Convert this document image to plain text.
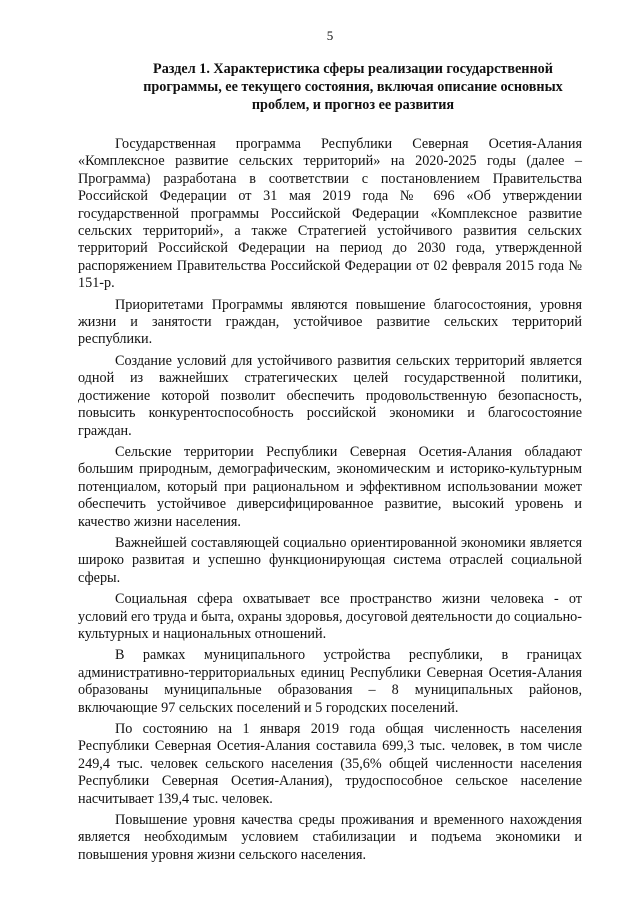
5
Раздел 1. Характеристика сферы реализации государственной программы, ее текущего состояния, включая описание основных проблем, и прогноз ее развития

Государственная программа Республики Северная Осетия-Алания «Комплексное развитие сельских территорий» на 2020-2025 годы (далее – Программа) разработана в соответствии с постановлением Правительства Российской Федерации от 31 мая 2019 года № 696 «Об утверждении государственной программы Российской Федерации «Комплексное развитие сельских территорий», а также Стратегией устойчивого развития сельских территорий Российской Федерации на период до 2030 года, утвержденной распоряжением Правительства Российской Федерации от 02 февраля 2015 года № 151-р.

Приоритетами Программы являются повышение благосостояния, уровня жизни и занятости граждан, устойчивое развитие сельских территорий республики.

Создание условий для устойчивого развития сельских территорий является одной из важнейших стратегических целей государственной политики, достижение которой позволит обеспечить продовольственную безопасность, повысить конкурентоспособность российской экономики и благосостояние граждан.

Сельские территории Республики Северная Осетия-Алания обладают большим природным, демографическим, экономическим и историко-культурным потенциалом, который при рациональном и эффективном использовании может обеспечить устойчивое диверсифицированное развитие, высокий уровень и качество жизни населения.

Важнейшей составляющей социально ориентированной экономики является широко развитая и успешно функционирующая система отраслей социальной сферы.

Социальная сфера охватывает все пространство жизни человека - от условий его труда и быта, охраны здоровья, досуговой деятельности до социально-культурных и национальных отношений.

В рамках муниципального устройства республики, в границах административно-территориальных единиц Республики Северная Осетия-Алания образованы муниципальные образования – 8 муниципальных районов, включающие 97 сельских поселений и 5 городских поселений.

По состоянию на 1 января 2019 года общая численность населения Республики Северная Осетия-Алания составила 699,3 тыс. человек, в том числе 249,4 тыс. человек сельского населения (35,6% общей численности населения Республики Северная Осетия-Алания), трудоспособное сельское население насчитывает 139,4 тыс. человек.

Повышение уровня качества среды проживания и временного нахождения является необходимым условием стабилизации и подъема экономики и повышения уровня жизни сельского населения.
